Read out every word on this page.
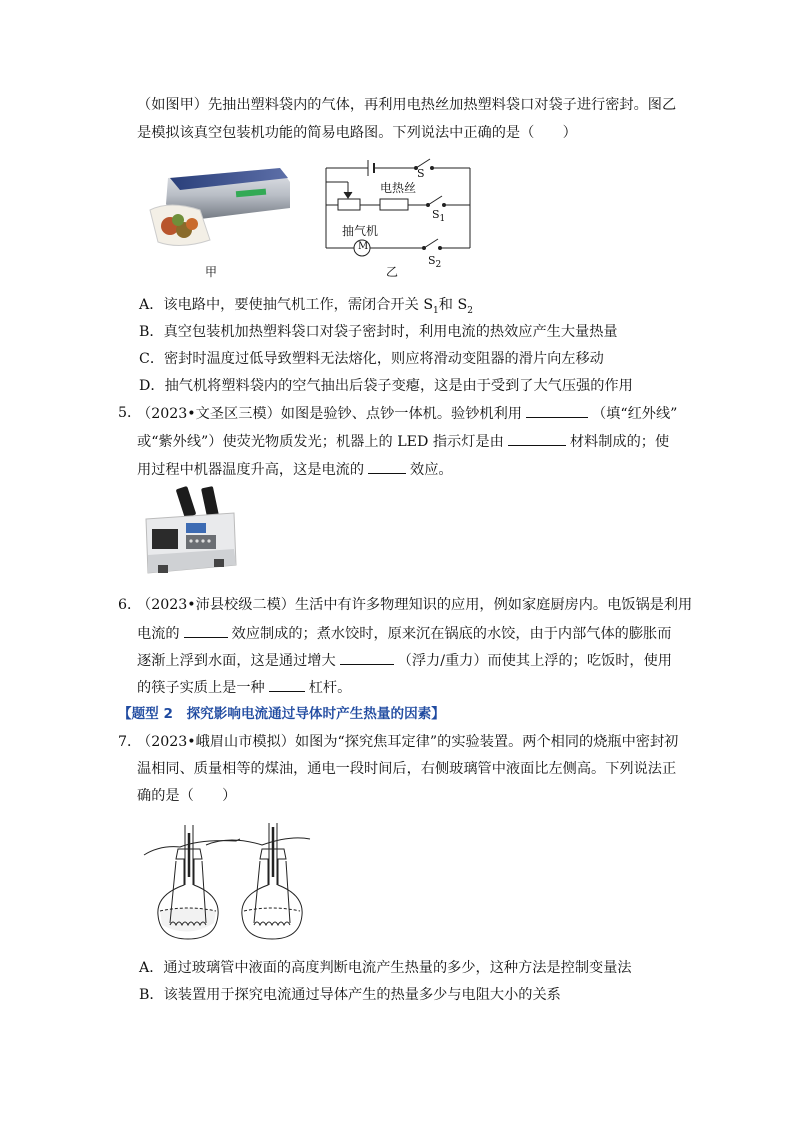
（如图甲）先抽出塑料袋内的气体，再利用电热丝加热塑料袋口对袋子进行密封。图乙
是模拟该真空包装机功能的简易电路图。下列说法中正确的是（　　）
甲
S
电热丝
$S_1$
抽气机
M
$S_2$
乙
A．该电路中，要使抽气机工作，需闭合开关 $S_1$和 $S_2$
B．真空包装机加热塑料袋口对袋子密封时，利用电流的热效应产生大量热量
C．密封时温度过低导致塑料无法熔化，则应将滑动变阻器的滑片向左移动
D．抽气机将塑料袋内的空气抽出后袋子变瘪，这是由于受到了大气压强的作用
5．
（2023•文圣区三模）如图是验钞、点钞一体机。验钞机利用	（填“红外线”
或“紫外线”）使荧光物质发光；机器上的 LED 指示灯是由	材料制成的；使
用过程中机器温度升高，这是电流的	效应。
6．
（2023•沛县校级二模）生活中有许多物理知识的应用，例如家庭厨房内。电饭锅是利用
电流的	效应制成的；煮水饺时，原来沉在锅底的水饺，由于内部气体的膨胀而
逐渐上浮到水面，这是通过增大	（浮力/重力）而使其上浮的；吃饭时，使用
的筷子实质上是一种	杠杆。
【题型 2　探究影响电流通过导体时产生热量的因素】
7．
（2023•峨眉山市模拟）如图为“探究焦耳定律”的实验装置。两个相同的烧瓶中密封初
温相同、质量相等的煤油，通电一段时间后，右侧玻璃管中液面比左侧高。下列说法正
确的是（　　）
A．通过玻璃管中液面的高度判断电流产生热量的多少，这种方法是控制变量法
B．该装置用于探究电流通过导体产生的热量多少与电阻大小的关系
